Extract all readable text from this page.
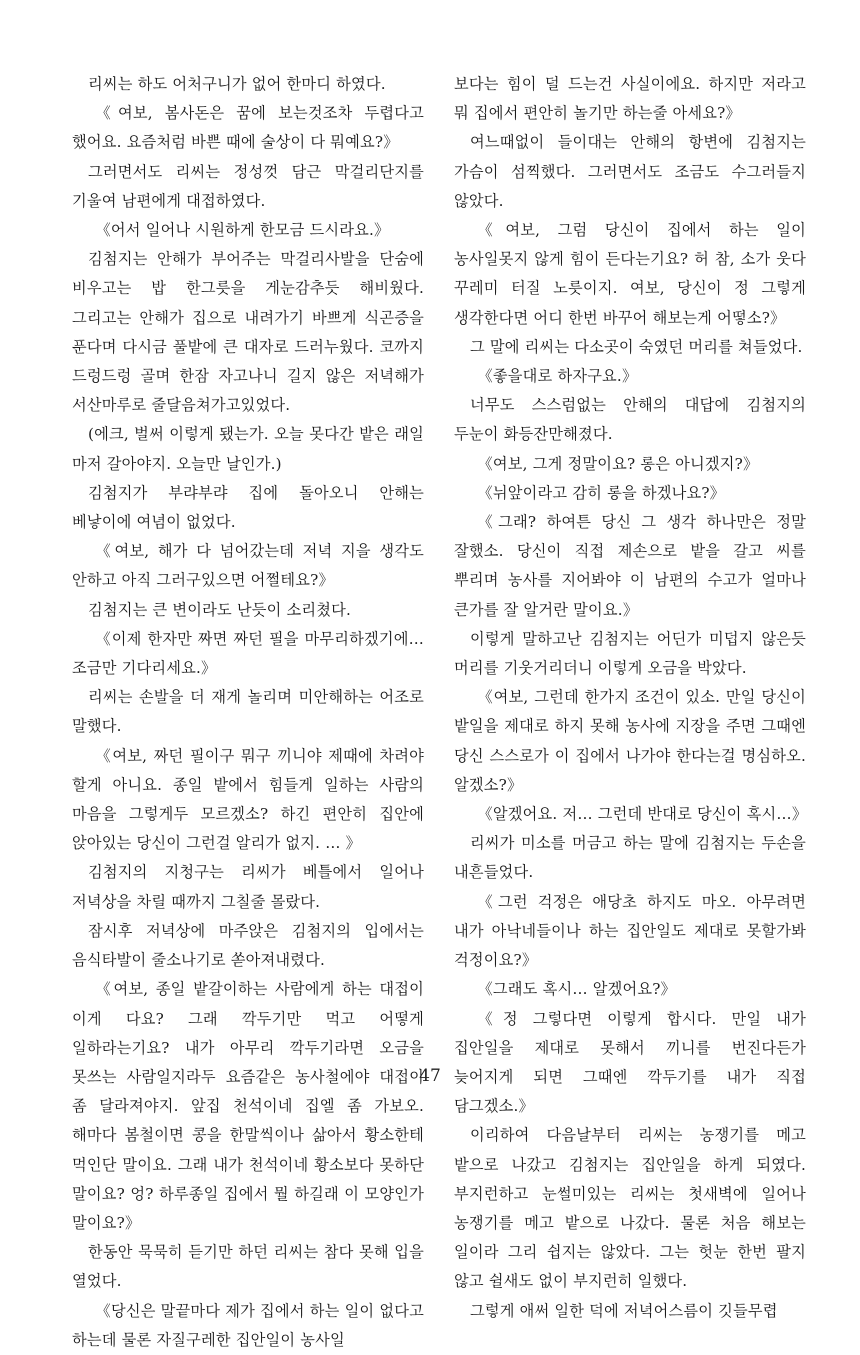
리씨는 하도 어처구니가 없어 한마디 하였다.

《여보, 봄사돈은 꿈에 보는것조차 두렵다고 했어요. 요즘처럼 바쁜 때에 술상이 다 뭐예요?》

그러면서도 리씨는 정성껏 담근 막걸리단지를 기울여 남편에게 대접하였다.

《어서 일어나 시원하게 한모금 드시라요.》

김첨지는 안해가 부어주는 막걸리사발을 단숨에 비우고는 밥 한그릇을 게눈감추듯 해비웠다. 그리고는 안해가 집으로 내려가기 바쁘게 식곤증을 푼다며 다시금 풀밭에 큰 대자로 드러누웠다. 코까지 드렁드렁 골며 한잠 자고나니 길지 않은 저녁해가 서산마루로 줄달음쳐가고있었다.

(에크, 벌써 이렇게 됐는가. 오늘 못다간 밭은 래일 마저 갈아야지. 오늘만 날인가.)

김첨지가 부랴부랴 집에 돌아오니 안해는 베낳이에 여념이 없었다.

《여보, 해가 다 넘어갔는데 저녁 지을 생각도 안하고 아직 그러구있으면 어쩔테요?》

김첨지는 큰 변이라도 난듯이 소리쳤다.

《이제 한자만 짜면 짜던 필을 마무리하겠기에… 조금만 기다리세요.》

리씨는 손발을 더 재게 놀리며 미안해하는 어조로 말했다.

《여보, 짜던 필이구 뭐구 끼니야 제때에 차려야 할게 아니요. 종일 밭에서 힘들게 일하는 사람의 마음을 그렇게두 모르겠소? 하긴 편안히 집안에 앉아있는 당신이 그런걸 알리가 없지. … 》

김첨지의 지청구는 리씨가 베틀에서 일어나 저녁상을 차릴 때까지 그칠줄 몰랐다.

잠시후 저녁상에 마주앉은 김첨지의 입에서는 음식타발이 줄소나기로 쏟아져내렸다.

《여보, 종일 밭갈이하는 사람에게 하는 대접이 이게 다요? 그래 깍두기만 먹고 어떻게 일하라는기요? 내가 아무리 깍두기라면 오금을 못쓰는 사람일지라두 요즘같은 농사철에야 대접이 좀 달라져야지. 앞집 천석이네 집엘 좀 가보오. 해마다 봄철이면 콩을 한말씩이나 삶아서 황소한테 먹인단 말이요. 그래 내가 천석이네 황소보다 못하단 말이요? 엉? 하루종일 집에서 뭘 하길래 이 모양인가 말이요?》

한동안 묵묵히 듣기만 하던 리씨는 참다 못해 입을 열었다.

《당신은 말끝마다 제가 집에서 하는 일이 없다고 하는데 물론 자질구레한 집안일이 농사일

보다는 힘이 덜 드는건 사실이에요. 하지만 저라고 뭐 집에서 편안히 놀기만 하는줄 아세요?》

여느때없이 들이대는 안해의 항변에 김첨지는 가슴이 섬찍했다. 그러면서도 조금도 수그러들지 않았다.

《여보, 그럼 당신이 집에서 하는 일이 농사일못지 않게 힘이 든다는기요? 허 참, 소가 웃다 꾸레미 터질 노릇이지. 여보, 당신이 정 그렇게 생각한다면 어디 한번 바꾸어 해보는게 어떻소?》

그 말에 리씨는 다소곳이 숙였던 머리를 쳐들었다.

《좋을대로 하자구요.》

너무도 스스럼없는 안해의 대답에 김첨지의 두눈이 화등잔만해졌다.

《여보, 그게 정말이요? 롱은 아니겠지?》

《뉘앞이라고 감히 롱을 하겠나요?》

《그래? 하여튼 당신 그 생각 하나만은 정말 잘했소. 당신이 직접 제손으로 밭을 갈고 씨를 뿌리며 농사를 지어봐야 이 남편의 수고가 얼마나 큰가를 잘 알거란 말이요.》

이렇게 말하고난 김첨지는 어딘가 미덥지 않은듯 머리를 기웃거리더니 이렇게 오금을 박았다.

《여보, 그런데 한가지 조건이 있소. 만일 당신이 밭일을 제대로 하지 못해 농사에 지장을 주면 그때엔 당신 스스로가 이 집에서 나가야 한다는걸 명심하오. 알겠소?》

《알겠어요. 저… 그런데 반대로 당신이 혹시…》

리씨가 미소를 머금고 하는 말에 김첨지는 두손을 내흔들었다.

《그런 걱정은 애당초 하지도 마오. 아무려면 내가 아낙네들이나 하는 집안일도 제대로 못할가봐 걱정이요?》

《그래도 혹시… 알겠어요?》

《정 그렇다면 이렇게 합시다. 만일 내가 집안일을 제대로 못해서 끼니를 번진다든가 늦어지게 되면 그때엔 깍두기를 내가 직접 담그겠소.》

이리하여 다음날부터 리씨는 농쟁기를 메고 밭으로 나갔고 김첨지는 집안일을 하게 되였다. 부지런하고 눈썰미있는 리씨는 첫새벽에 일어나 농쟁기를 메고 밭으로 나갔다. 물론 처음 해보는 일이라 그리 쉽지는 않았다. 그는 헛눈 한번 팔지 않고 쉴새도 없이 부지런히 일했다.

그렇게 애써 일한 덕에 저녁어스름이 깃들무렵

47
